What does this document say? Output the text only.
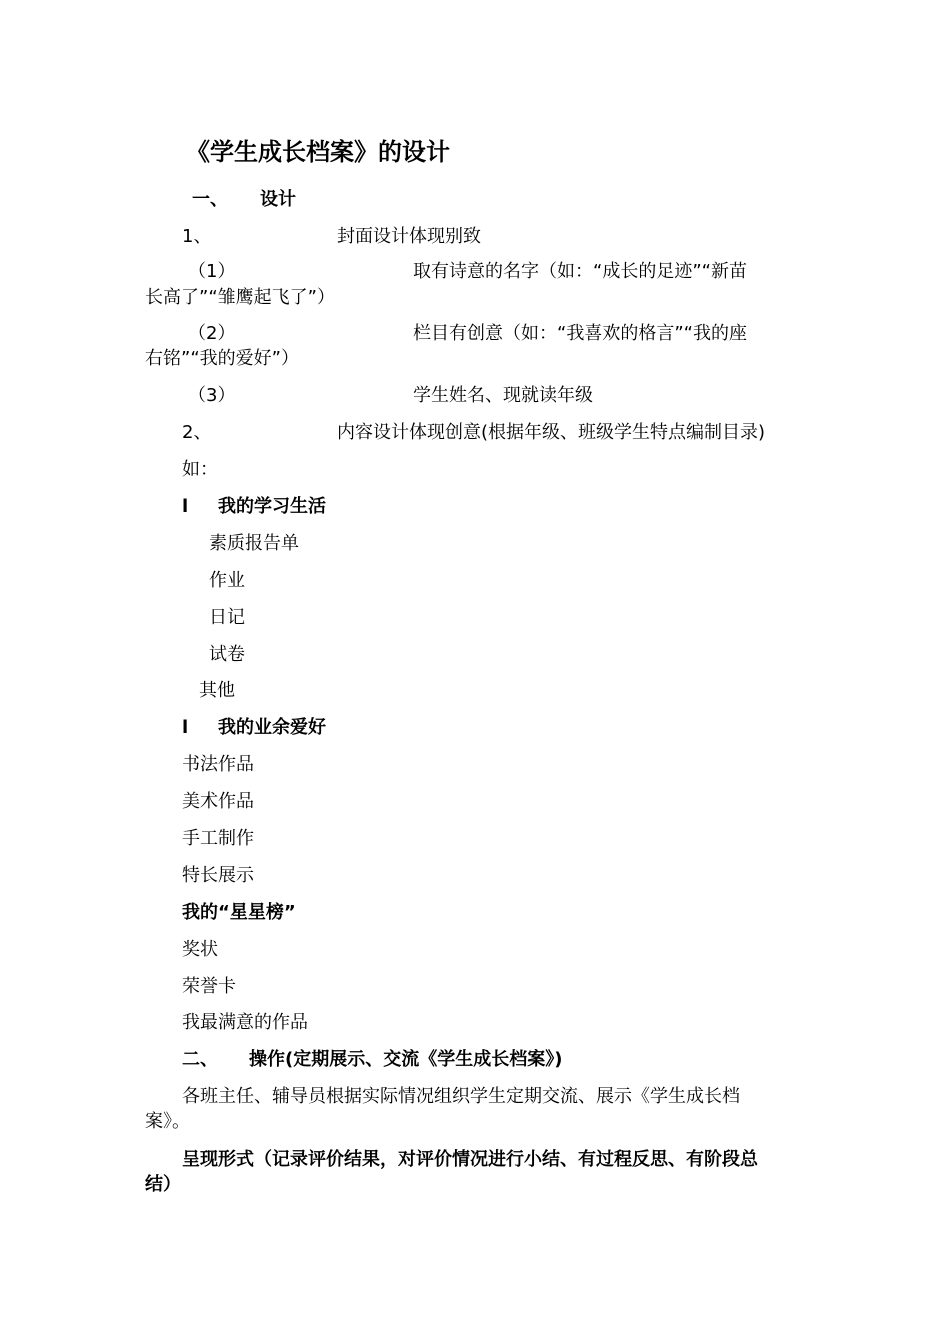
《学生成长档案》的设计
一、 设计
1、	封面设计体现别致
（1）	取有诗意的名字（如：“成长的足迹”“新苗
长高了”“雏鹰起飞了”）
（2）	栏目有创意（如：“我喜欢的格言”“我的座
右铭”“我的爱好”）
（3）	学生姓名、现就读年级
2、	内容设计体现创意(根据年级、班级学生特点编制目录)
如：
l 我的学习生活
素质报告单
作业
日记
试卷
其他
l 我的业余爱好
书法作品
美术作品
手工制作
特长展示
我的“星星榜”
奖状
荣誉卡
我最满意的作品
二、 操作(定期展示、交流《学生成长档案》)
各班主任、辅导员根据实际情况组织学生定期交流、展示《学生成长档
案》。
呈现形式（记录评价结果，对评价情况进行小结、有过程反思、有阶段总
结）
